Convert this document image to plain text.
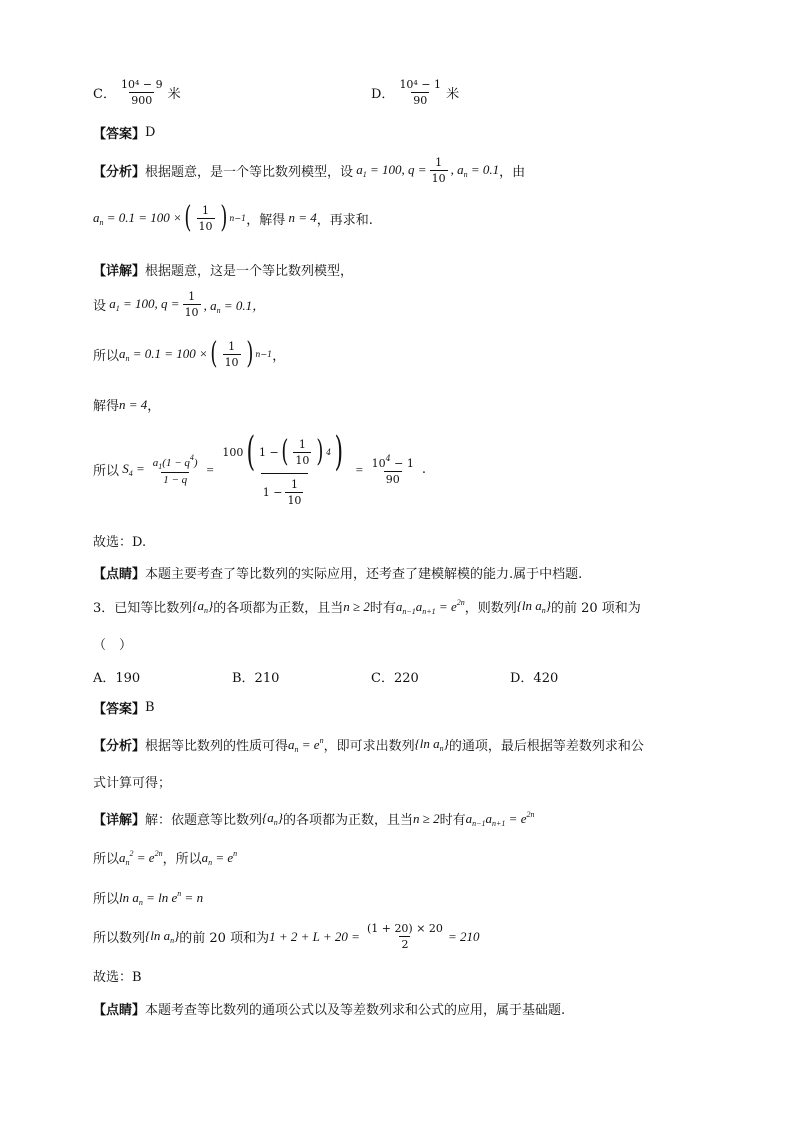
C． $\frac{\text{10⁴ − 9}}{900}$ 米	D． $\frac{\text{10⁴ − 1}}{90}$ 米
【答案】 D
【分析】 根据题意，是一个等比数列模型，设 $a_1 = 100$, $q = \frac{1}{10}$ , $a_n = 0.1$ ，由
$a_n = 0.1 = 100$ × ( $\frac{1}{10}$ ) n−1 ，解得 n = 4 ，再求和.
【详解】 根据题意，这是一个等比数列模型，
设 $a_1 = 100$, $q = \frac{1}{10}$ , $a_n = 0.1$，
所以 $a_n = 0.1 = 100$ × ( $\frac{1}{10}$ ) n−1 ，
解得 n = 4 ，
所以 $S_4 = \frac{a_1(1 - q^4)}{1 - q} = \frac{100 ( 1 - ( \frac{1}{10} ) 4 )}{1 - \frac{1}{10}} = \frac{10^4 - 1}{90}$ .
故选：D.
【点睛】 本题主要考查了等比数列的实际应用，还考查了建模解模的能力.属于中档题.
3．已知等比数列 $\{a_n\}$ 的各项都为正数，且当 n ≥ 2 时有 $a_{n-1}a_{n+1} = e^{2n}$ ，则数列 {ln $a_n$} 的前 20 项和为
（　）
A．190	B．210	C．220	D．420
【答案】 B
【分析】 根据等比数列的性质可得 $a_n = e^n$ ，即可求出数列 {ln $a_n$} 的通项，最后根据等差数列求和公
式计算可得；
【详解】 解：依题意等比数列 $\{a_n\}$ 的各项都为正数，且当 n ≥ 2 时有 $a_{n-1}a_{n+1} = e^{2n}$
所以 $a_n^2 = e^{2n}$ ，所以 $a_n = e^n$
所以 $\ln a_n = \ln e^n = n$
所以数列 {ln $a_n$} 的前 20 项和为 $1 + 2 + L + 20 = \frac{(1 + 20) \times 20}{2} = 210$
故选：B
【点睛】 本题考查等比数列的通项公式以及等差数列求和公式的应用，属于基础题.
